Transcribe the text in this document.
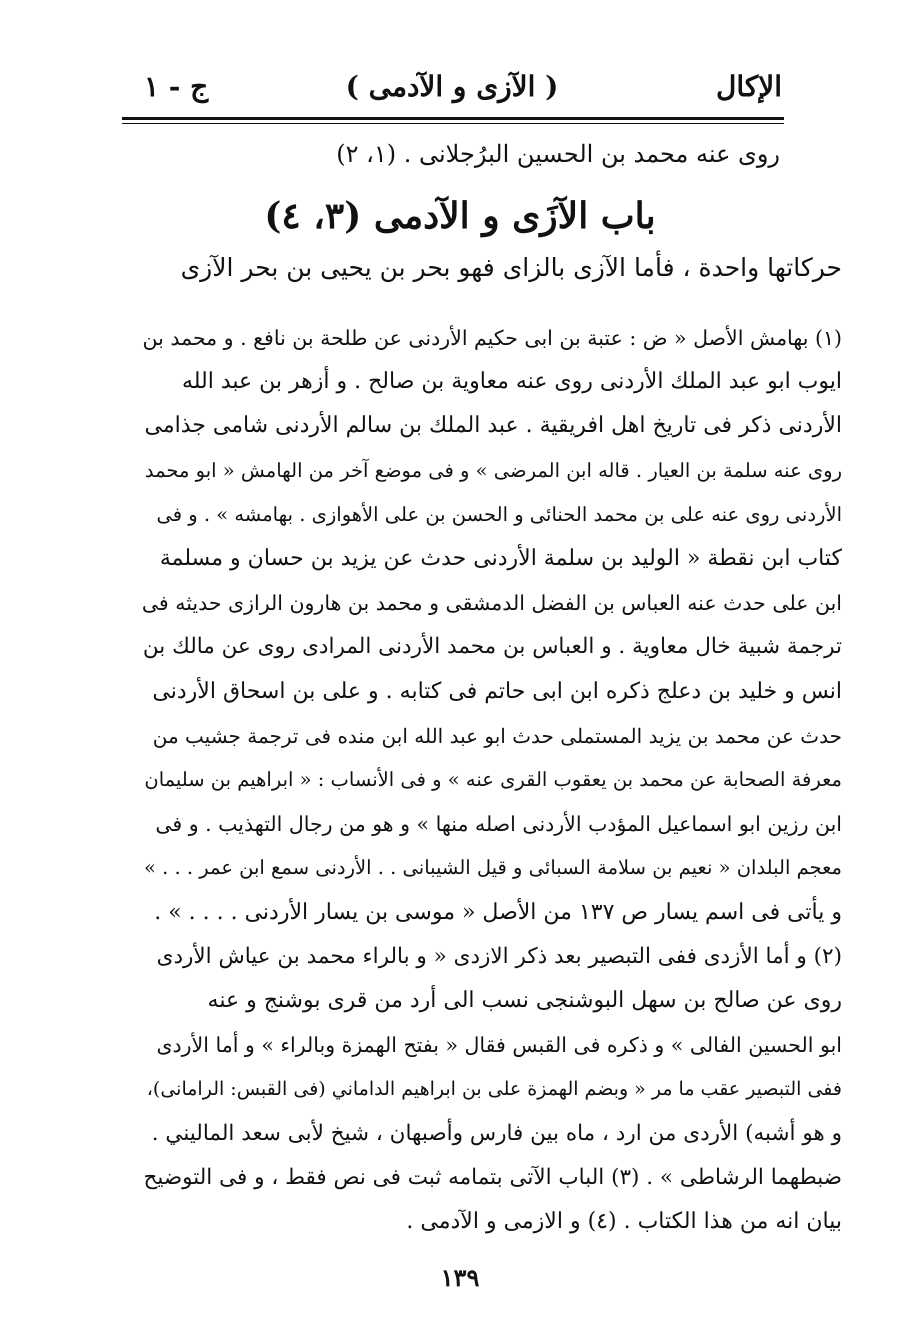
الإكال
( الآزى و الآدمى )
ج - ١
روى عنه محمد بن الحسين البرُجلانى . (١، ٢)
باب الآزَى و الآدمى (٣، ٤)
حركاتها واحدة ، فأما الآزى بالزاى فهو بحر بن يحيى بن بحر الآزى
(١) بهامش الأصل « ض : عتبة بن ابى حكيم الأردنى عن طلحة بن نافع . و محمد بن
ايوب ابو عبد الملك الأردنى روى عنه معاوية بن صالح . و أزهر بن عبد الله
الأردنى ذكر فى تاريخ اهل افريقية . عبد الملك بن سالم الأردنى شامى جذامى
روى عنه سلمة بن العيار . قاله ابن المرضى » و فى موضع آخر من الهامش « ابو محمد
الأردنى روى عنه على بن محمد الحنائى و الحسن بن على الأهوازى . بهامشه » . و فى
كتاب ابن نقطة « الوليد بن سلمة الأردنى حدث عن يزيد بن حسان و مسلمة
ابن على حدث عنه العباس بن الفضل الدمشقى و محمد بن هارون الرازى حديثه فى
ترجمة شبية خال معاوية . و العباس بن محمد الأردنى المرادى روى عن مالك بن
انس و خليد بن دعلج ذكره ابن ابى حاتم فى كتابه . و على بن اسحاق الأردنى
حدث عن محمد بن يزيد المستملى حدث ابو عبد الله ابن منده فى ترجمة جشيب من
معرفة الصحابة عن محمد بن يعقوب القرى عنه » و فى الأنساب : « ابراهيم بن سليمان
ابن رزين ابو اسماعيل المؤدب الأردنى اصله منها » و هو من رجال التهذيب . و فى
معجم البلدان « نعيم بن سلامة السبائى و قيل الشيبانى . . الأردنى سمع ابن عمر . . . »
و يأتى فى اسم يسار ص ١٣٧ من الأصل « موسى بن يسار الأردنى . . . . » .
(٢) و أما الأزدى ففى التبصير بعد ذكر الازدى « و بالراء محمد بن عياش الأردى
روى عن صالح بن سهل البوشنجى نسب الى أرد من قرى بوشنج و عنه
ابو الحسين الفالى » و ذكره فى القبس فقال « بفتح الهمزة وبالراء » و أما الأردى
ففى التبصير عقب ما مر « وبضم الهمزة على بن ابراهيم الداماني (فى القبس: الرامانى)،
و هو أشبه) الأردى من ارد ، ماه بين فارس وأصبهان ، شيخ لأبى سعد الماليني .
ضبطهما الرشاطى » . (٣) الباب الآتى بتمامه ثبت فى نص فقط ، و فى التوضيح
بيان انه من هذا الكتاب . (٤) و الازمى و الآدمى .
١٣٩
